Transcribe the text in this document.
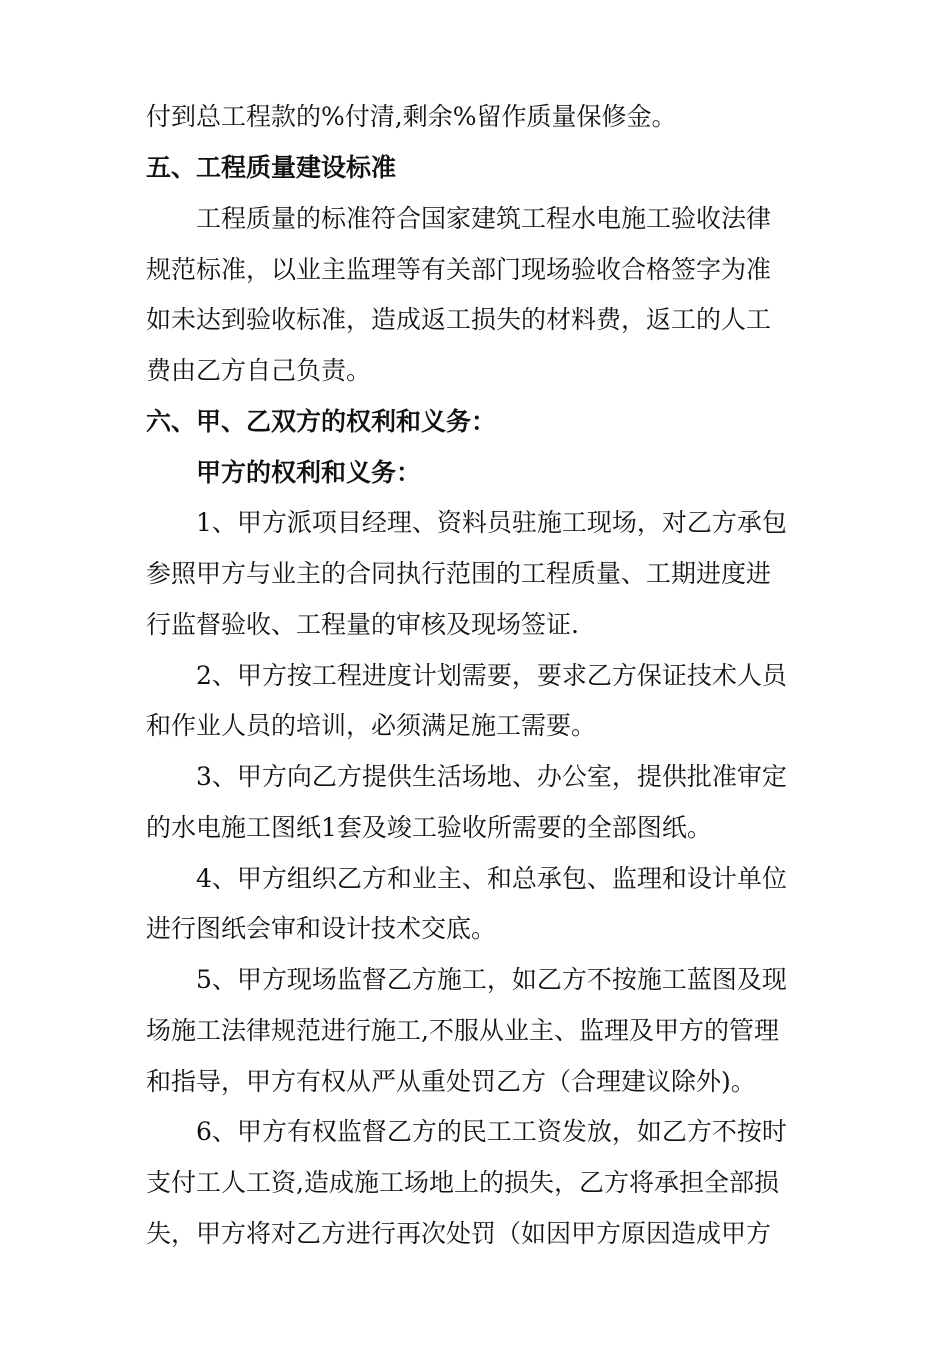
付到总工程款的%付清,剩余%留作质量保修金。
五、工程质量建设标准
工程质量的标准符合国家建筑工程水电施工验收法律
规范标准，以业主监理等有关部门现场验收合格签字为准
如未达到验收标准，造成返工损失的材料费，返工的人工
费由乙方自己负责。
六、甲、乙双方的权利和义务：
甲方的权利和义务：
1、甲方派项目经理、资料员驻施工现场，对乙方承包
参照甲方与业主的合同执行范围的工程质量、工期进度进
行监督验收、工程量的审核及现场签证.
2、甲方按工程进度计划需要，要求乙方保证技术人员
和作业人员的培训，必须满足施工需要。
3、甲方向乙方提供生活场地、办公室，提供批准审定
的水电施工图纸1套及竣工验收所需要的全部图纸。
4、甲方组织乙方和业主、和总承包、监理和设计单位
进行图纸会审和设计技术交底。
5、甲方现场监督乙方施工，如乙方不按施工蓝图及现
场施工法律规范进行施工,不服从业主、监理及甲方的管理
和指导，甲方有权从严从重处罚乙方（合理建议除外)。
6、甲方有权监督乙方的民工工资发放，如乙方不按时
支付工人工资,造成施工场地上的损失，乙方将承担全部损
失，甲方将对乙方进行再次处罚（如因甲方原因造成甲方
